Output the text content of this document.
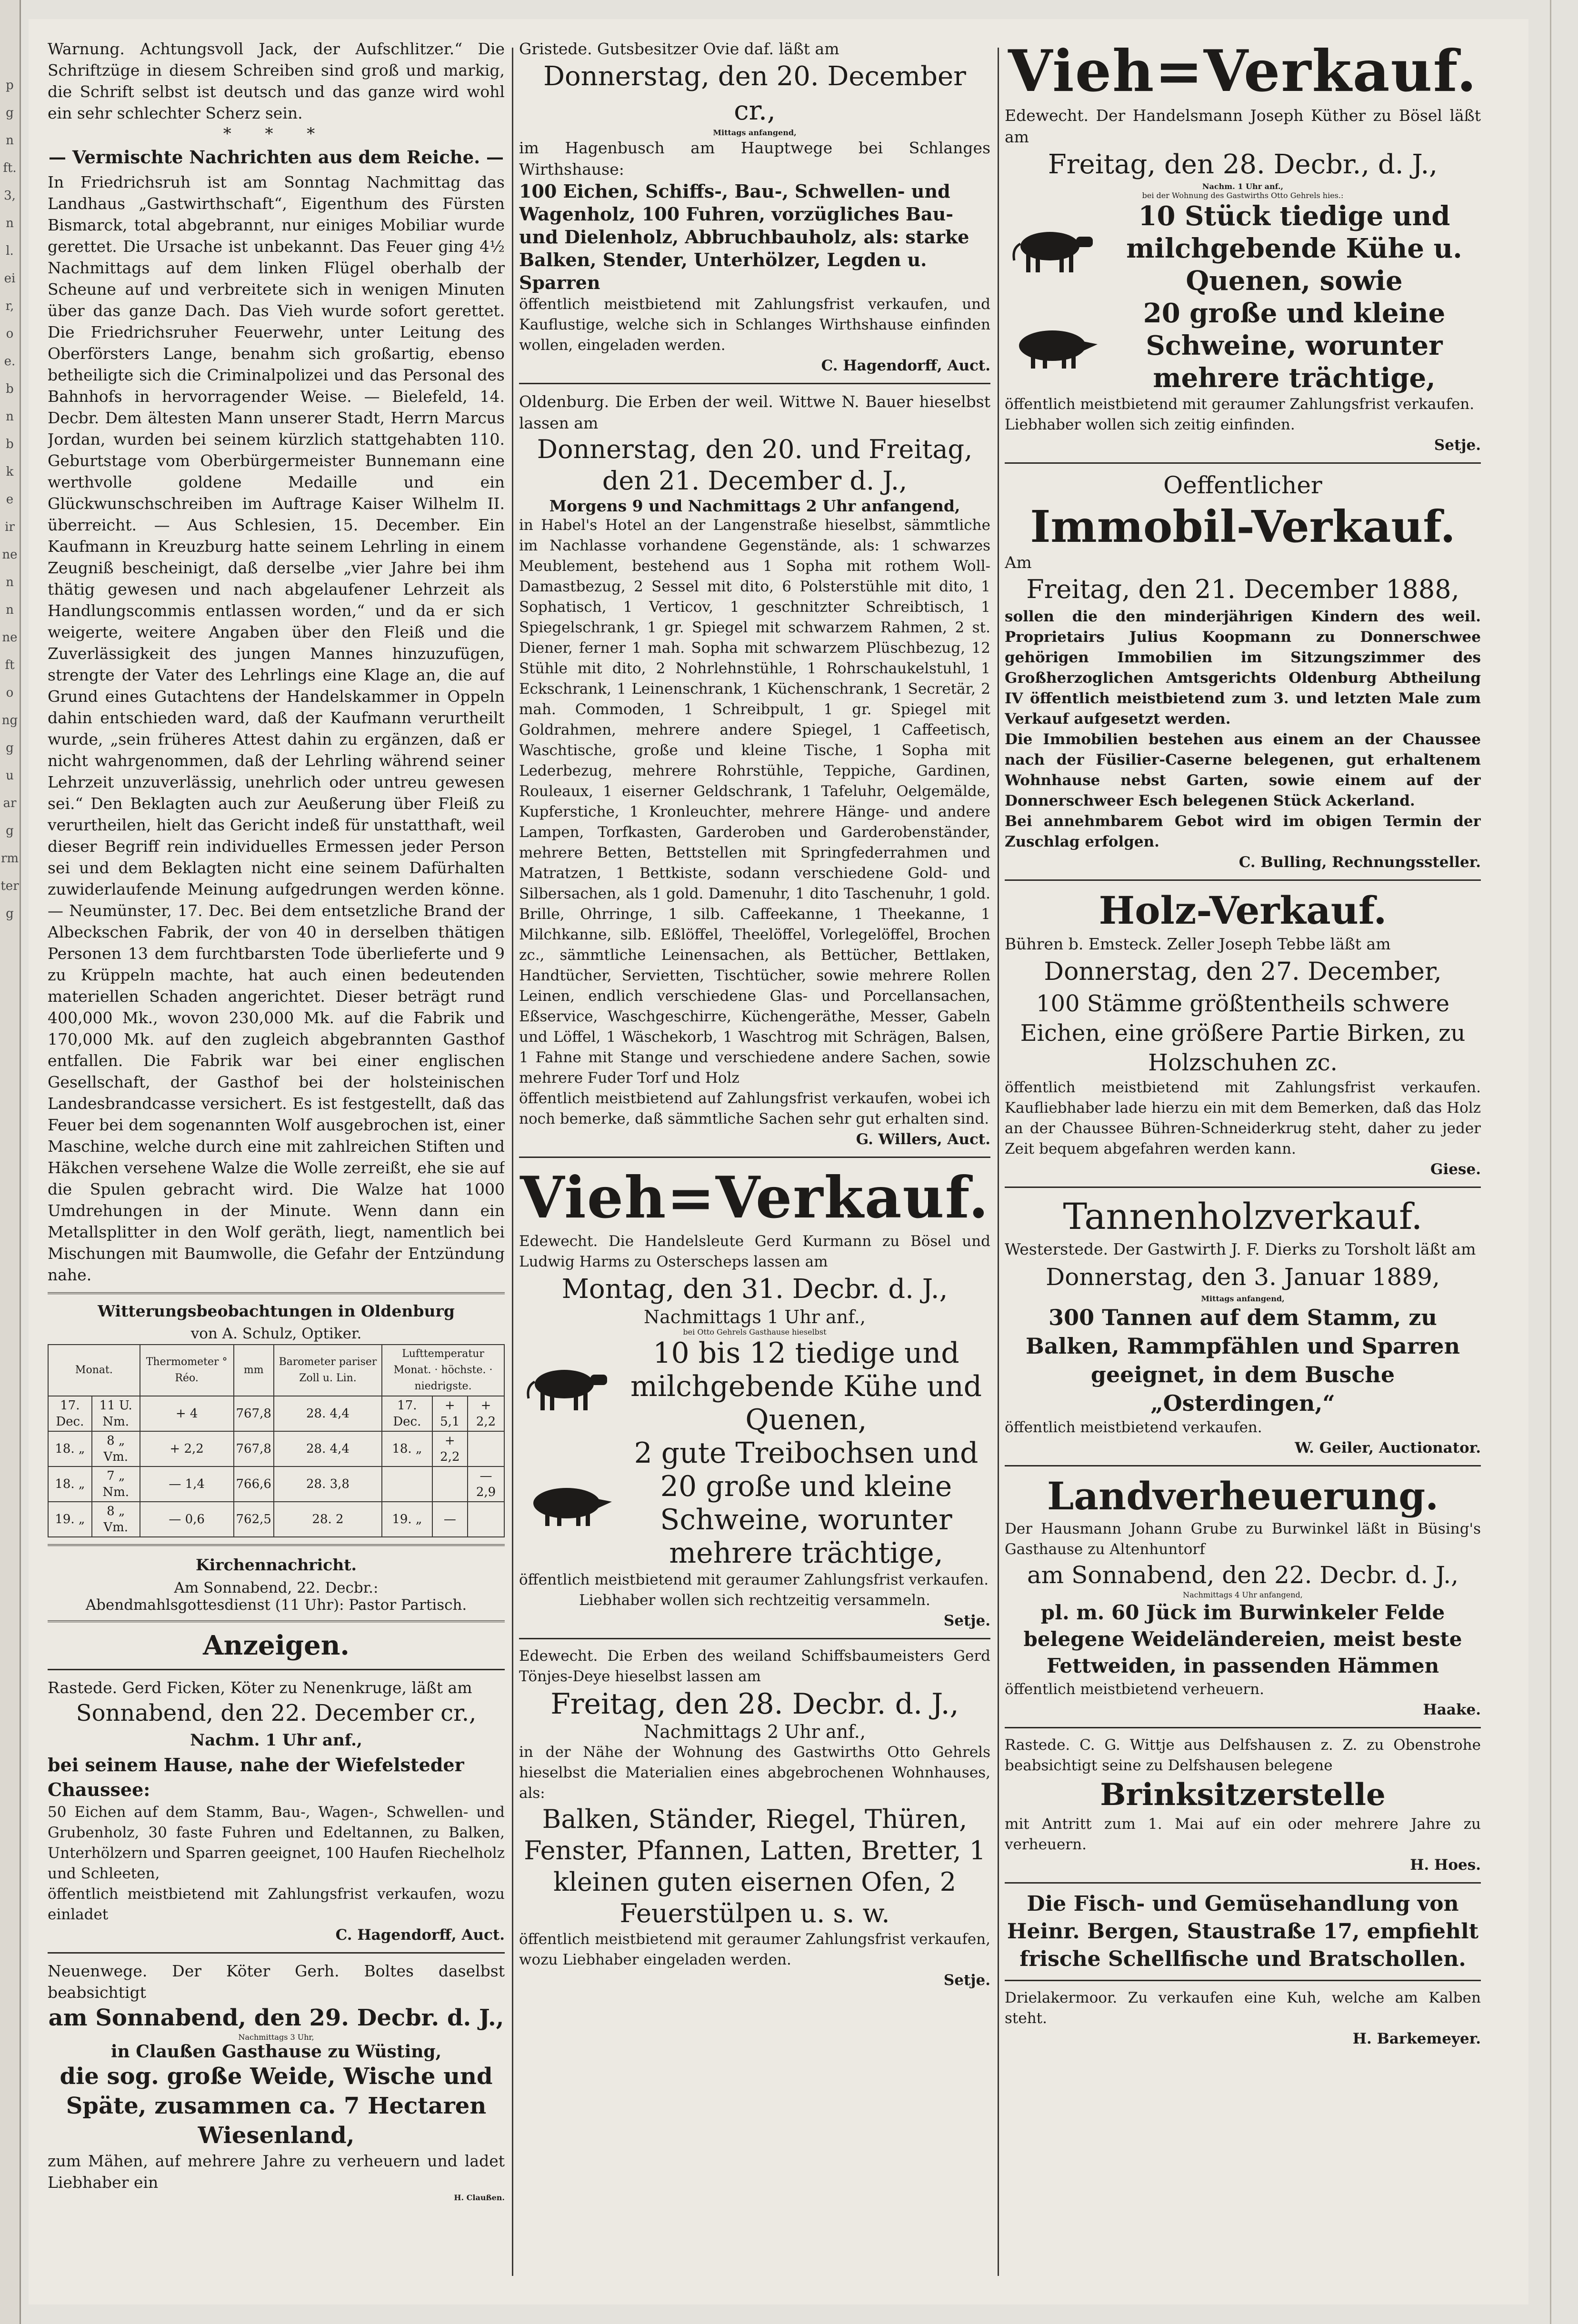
p
g
n
ft.
3,
n
l.
ei
r,
o
e.
b
n
b
k
e
ir
ne
n
n
ne
ft
o
ng
g
u
ar
g
rm
ter
g

Warnung. Achtungsvoll Jack, der Aufschlitzer.“ Die Schriftzüge in diesem Schreiben sind groß und markig, die Schrift selbst ist deutsch und das ganze wird wohl ein sehr schlechter Scherz sein.

* * *
— Vermischte Nachrichten aus dem Reiche. —

In Friedrichsruh ist am Sonntag Nachmittag das Landhaus „Gastwirthschaft“, Eigenthum des Fürsten Bismarck, total abgebrannt, nur einiges Mobiliar wurde gerettet. Die Ursache ist unbekannt. Das Feuer ging 4½ Nachmittags auf dem linken Flügel oberhalb der Scheune auf und verbreitete sich in wenigen Minuten über das ganze Dach. Das Vieh wurde sofort gerettet. Die Friedrichsruher Feuerwehr, unter Leitung des Oberförsters Lange, benahm sich großartig, ebenso betheiligte sich die Criminalpolizei und das Personal des Bahnhofs in hervorragender Weise. — Bielefeld, 14. Decbr. Dem ältesten Mann unserer Stadt, Herrn Marcus Jordan, wurden bei seinem kürzlich stattgehabten 110. Geburtstage vom Oberbürgermeister Bunnemann eine werthvolle goldene Medaille und ein Glückwunschschreiben im Auftrage Kaiser Wilhelm II. überreicht. — Aus Schlesien, 15. December. Ein Kaufmann in Kreuzburg hatte seinem Lehrling in einem Zeugniß bescheinigt, daß derselbe „vier Jahre bei ihm thätig gewesen und nach abgelaufener Lehrzeit als Handlungscommis entlassen worden,“ und da er sich weigerte, weitere Angaben über den Fleiß und die Zuverlässigkeit des jungen Mannes hinzuzufügen, strengte der Vater des Lehrlings eine Klage an, die auf Grund eines Gutachtens der Handelskammer in Oppeln dahin entschieden ward, daß der Kaufmann verurtheilt wurde, „sein früheres Attest dahin zu ergänzen, daß er nicht wahrgenommen, daß der Lehrling während seiner Lehrzeit unzuverlässig, unehrlich oder untreu gewesen sei.“ Den Beklagten auch zur Aeußerung über Fleiß zu verurtheilen, hielt das Gericht indeß für unstatthaft, weil dieser Begriff rein individuelles Ermessen jeder Person sei und dem Beklagten nicht eine seinem Dafürhalten zuwiderlaufende Meinung aufgedrungen werden könne. — Neumünster, 17. Dec. Bei dem entsetzliche Brand der Albeckschen Fabrik, der von 40 in derselben thätigen Personen 13 dem furchtbarsten Tode überlieferte und 9 zu Krüppeln machte, hat auch einen bedeutenden materiellen Schaden angerichtet. Dieser beträgt rund 400,000 Mk., wovon 230,000 Mk. auf die Fabrik und 170,000 Mk. auf den zugleich abgebrannten Gasthof entfallen. Die Fabrik war bei einer englischen Gesellschaft, der Gasthof bei der holsteinischen Landesbrandcasse versichert. Es ist festgestellt, daß das Feuer bei dem sogenannten Wolf ausgebrochen ist, einer Maschine, welche durch eine mit zahlreichen Stiften und Häkchen versehene Walze die Wolle zerreißt, ehe sie auf die Spulen gebracht wird. Die Walze hat 1000 Umdrehungen in der Minute. Wenn dann ein Metallsplitter in den Wolf geräth, liegt, namentlich bei Mischungen mit Baumwolle, die Gefahr der Entzündung nahe.

Witterungsbeobachtungen in Oldenburg
von A. Schulz, Optiker.
Monat.		Thermometer ° Réo.	mm	Barometer pariser Zoll u. Lin.	Lufttemperatur
Monat. · höchste. · niedrigste.		
17. Dec.	11 U. Nm.	+ 4	767,8	28. 4,4	17. Dec.	+ 5,1	+ 2,2
18. „	8 „ Vm.	+ 2,2	767,8	28. 4,4	18. „	+ 2,2	
18. „	7 „ Nm.	— 1,4	766,6	28. 3,8			— 2,9
19. „	8 „ Vm.	— 0,6	762,5	28. 2	19. „	—	
Kirchennachricht.
Am Sonnabend, 22. Decbr.:
Abendmahlsgottesdienst (11 Uhr): Pastor Partisch.
Anzeigen.

Rastede. Gerd Ficken, Köter zu Nenenkruge, läßt am

Sonnabend, den 22. December cr.,
Nachm. 1 Uhr anf.,
bei seinem Hause, nahe der Wiefelsteder Chaussee:

50 Eichen auf dem Stamm, Bau-, Wagen-, Schwellen- und Grubenholz, 30 faste Fuhren und Edeltannen, zu Balken, Unterhölzern und Sparren geeignet, 100 Haufen Riechelholz und Schleeten,

öffentlich meistbietend mit Zahlungsfrist verkaufen, wozu einladet

C. Hagendorff, Auct.

Neuenwege. Der Köter Gerh. Boltes daselbst beabsichtigt

am Sonnabend, den 29. Decbr. d. J.,
Nachmittags 3 Uhr,
in Claußen Gasthause zu Wüsting,
die sog. große Weide, Wische und Späte, zusammen ca. 7 Hectaren Wiesenland,

zum Mähen, auf mehrere Jahre zu verheuern und ladet Liebhaber ein

H. Claußen.

Gristede. Gutsbesitzer Ovie daf. läßt am

Donnerstag, den 20. December cr.,
Mittags anfangend,

im Hagenbusch am Hauptwege bei Schlanges Wirthshause:

100 Eichen, Schiffs-, Bau-, Schwellen- und Wagenholz, 100 Fuhren, vorzügliches Bau- und Dielenholz, Abbruchbauholz, als: starke Balken, Stender, Unterhölzer, Legden u. Sparren

öffentlich meistbietend mit Zahlungsfrist verkaufen, und Kauflustige, welche sich in Schlanges Wirthshause einfinden wollen, eingeladen werden.

C. Hagendorff, Auct.

Oldenburg. Die Erben der weil. Wittwe N. Bauer hieselbst lassen am

Donnerstag, den 20. und Freitag, den 21. December d. J.,
Morgens 9 und Nachmittags 2 Uhr anfangend,

in Habel's Hotel an der Langenstraße hieselbst, sämmtliche im Nachlasse vorhandene Gegenstände, als: 1 schwarzes Meublement, bestehend aus 1 Sopha mit rothem Woll-Damastbezug, 2 Sessel mit dito, 6 Polsterstühle mit dito, 1 Sophatisch, 1 Verticov, 1 geschnitzter Schreibtisch, 1 Spiegelschrank, 1 gr. Spiegel mit schwarzem Rahmen, 2 st. Diener, ferner 1 mah. Sopha mit schwarzem Plüschbezug, 12 Stühle mit dito, 2 Nohrlehnstühle, 1 Rohrschaukelstuhl, 1 Eckschrank, 1 Leinenschrank, 1 Küchenschrank, 1 Secretär, 2 mah. Commoden, 1 Schreibpult, 1 gr. Spiegel mit Goldrahmen, mehrere andere Spiegel, 1 Caffeetisch, Waschtische, große und kleine Tische, 1 Sopha mit Lederbezug, mehrere Rohrstühle, Teppiche, Gardinen, Rouleaux, 1 eiserner Geldschrank, 1 Tafeluhr, Oelgemälde, Kupferstiche, 1 Kronleuchter, mehrere Hänge- und andere Lampen, Torfkasten, Garderoben und Garderobenständer, mehrere Betten, Bettstellen mit Springfederrahmen und Matratzen, 1 Bettkiste, sodann verschiedene Gold- und Silbersachen, als 1 gold. Damenuhr, 1 dito Taschenuhr, 1 gold. Brille, Ohrringe, 1 silb. Caffeekanne, 1 Theekanne, 1 Milchkanne, silb. Eßlöffel, Theelöffel, Vorlegelöffel, Brochen zc., sämmtliche Leinensachen, als Bettücher, Bettlaken, Handtücher, Servietten, Tischtücher, sowie mehrere Rollen Leinen, endlich verschiedene Glas- und Porcellansachen, Eßservice, Waschgeschirre, Küchengeräthe, Messer, Gabeln und Löffel, 1 Wäschekorb, 1 Waschtrog mit Schrägen, Balsen, 1 Fahne mit Stange und verschiedene andere Sachen, sowie mehrere Fuder Torf und Holz

öffentlich meistbietend auf Zahlungsfrist verkaufen, wobei ich noch bemerke, daß sämmtliche Sachen sehr gut erhalten sind.

G. Willers, Auct.
Vieh=Verkauf.

Edewecht. Die Handelsleute Gerd Kurmann zu Bösel und Ludwig Harms zu Osterscheps lassen am

Montag, den 31. Decbr. d. J.,
Nachmittags 1 Uhr anf.,
bei Otto Gehrels Gasthause hieselbst
10 bis 12 tiedige und milchgebende Kühe und Quenen,
2 gute Treibochsen und 20 große und kleine Schweine, worunter mehrere trächtige,

öffentlich meistbietend mit geraumer Zahlungsfrist verkaufen.

Liebhaber wollen sich rechtzeitig versammeln.

Setje.

Edewecht. Die Erben des weiland Schiffsbaumeisters Gerd Tönjes-Deye hieselbst lassen am

Freitag, den 28. Decbr. d. J.,
Nachmittags 2 Uhr anf.,

in der Nähe der Wohnung des Gastwirths Otto Gehrels hieselbst die Materialien eines abgebrochenen Wohnhauses, als:

Balken, Ständer, Riegel, Thüren, Fenster, Pfannen, Latten, Bretter, 1 kleinen guten eisernen Ofen, 2 Feuerstülpen u. s. w.

öffentlich meistbietend mit geraumer Zahlungsfrist verkaufen, wozu Liebhaber eingeladen werden.

Setje.
Vieh=Verkauf.

Edewecht. Der Handelsmann Joseph Küther zu Bösel läßt am

Freitag, den 28. Decbr., d. J.,
Nachm. 1 Uhr anf.,
bei der Wohnung des Gastwirths Otto Gehrels hies.:
10 Stück tiedige und milchgebende Kühe u. Quenen, sowie
20 große und kleine Schweine, worunter mehrere trächtige,

öffentlich meistbietend mit geraumer Zahlungsfrist verkaufen.

Liebhaber wollen sich zeitig einfinden.

Setje.
Oeffentlicher
Immobil-Verkauf.
Am
Freitag, den 21. December 1888,

sollen die den minderjährigen Kindern des weil. Proprietairs Julius Koopmann zu Donnerschwee gehörigen Immobilien im Sitzungszimmer des Großherzoglichen Amtsgerichts Oldenburg Abtheilung IV öffentlich meistbietend zum 3. und letzten Male zum Verkauf aufgesetzt werden.

Die Immobilien bestehen aus einem an der Chaussee nach der Füsilier-Caserne belegenen, gut erhaltenem Wohnhause nebst Garten, sowie einem auf der Donnerschweer Esch belegenen Stück Ackerland.

Bei annehmbarem Gebot wird im obigen Termin der Zuschlag erfolgen.

C. Bulling, Rechnungssteller.
Holz-Verkauf.

Bühren b. Emsteck. Zeller Joseph Tebbe läßt am

Donnerstag, den 27. December,
100 Stämme größtentheils schwere Eichen, eine größere Partie Birken, zu Holzschuhen zc.

öffentlich meistbietend mit Zahlungsfrist verkaufen. Kaufliebhaber lade hierzu ein mit dem Bemerken, daß das Holz an der Chaussee Bühren-Schneiderkrug steht, daher zu jeder Zeit bequem abgefahren werden kann.

Giese.
Tannenholzverkauf.

Westerstede. Der Gastwirth J. F. Dierks zu Torsholt läßt am

Donnerstag, den 3. Januar 1889,
Mittags anfangend,
300 Tannen auf dem Stamm, zu Balken, Rammpfählen und Sparren geeignet, in dem Busche „Osterdingen,“

öffentlich meistbietend verkaufen.

W. Geiler, Auctionator.
Landverheuerung.

Der Hausmann Johann Grube zu Burwinkel läßt in Büsing's Gasthause zu Altenhuntorf

am Sonnabend, den 22. Decbr. d. J.,
Nachmittags 4 Uhr anfangend,
pl. m. 60 Jück im Burwinkeler Felde belegene Weideländereien, meist beste Fettweiden, in passenden Hämmen

öffentlich meistbietend verheuern.

Haake.

Rastede. C. G. Wittje aus Delfshausen z. Z. zu Obenstrohe beabsichtigt seine zu Delfshausen belegene

Brinksitzerstelle

mit Antritt zum 1. Mai auf ein oder mehrere Jahre zu verheuern.

H. Hoes.
Die Fisch- und Gemüsehandlung von Heinr. Bergen, Staustraße 17, empfiehlt frische Schellfische und Bratschollen.

Drielakermoor. Zu verkaufen eine Kuh, welche am Kalben steht.

H. Barkemeyer.
